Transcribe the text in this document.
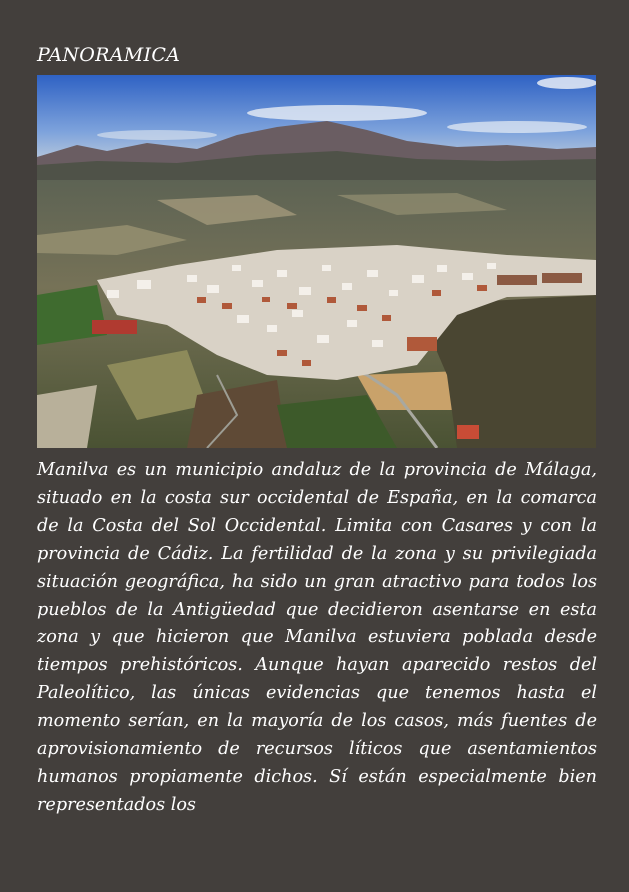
PANORAMICA

Manilva es un municipio andaluz de la provincia de Málaga, situado en la costa sur occidental de España, en la comarca de la Costa del Sol Occidental. Limita con Casares y con la provincia de Cádiz. La fertilidad de la zona y su privilegiada situación geográfica, ha sido un gran atractivo para todos los pueblos de la Antigüedad que decidieron asentarse en esta zona y que hicieron que Manilva estuviera poblada desde tiempos prehistóricos. Aunque hayan aparecido restos del Paleolítico, las únicas evidencias que tenemos hasta el momento serían, en la mayoría de los casos, más fuentes de aprovisionamiento de recursos líticos que asentamientos humanos propiamente dichos. Sí están especialmente bien representados los
